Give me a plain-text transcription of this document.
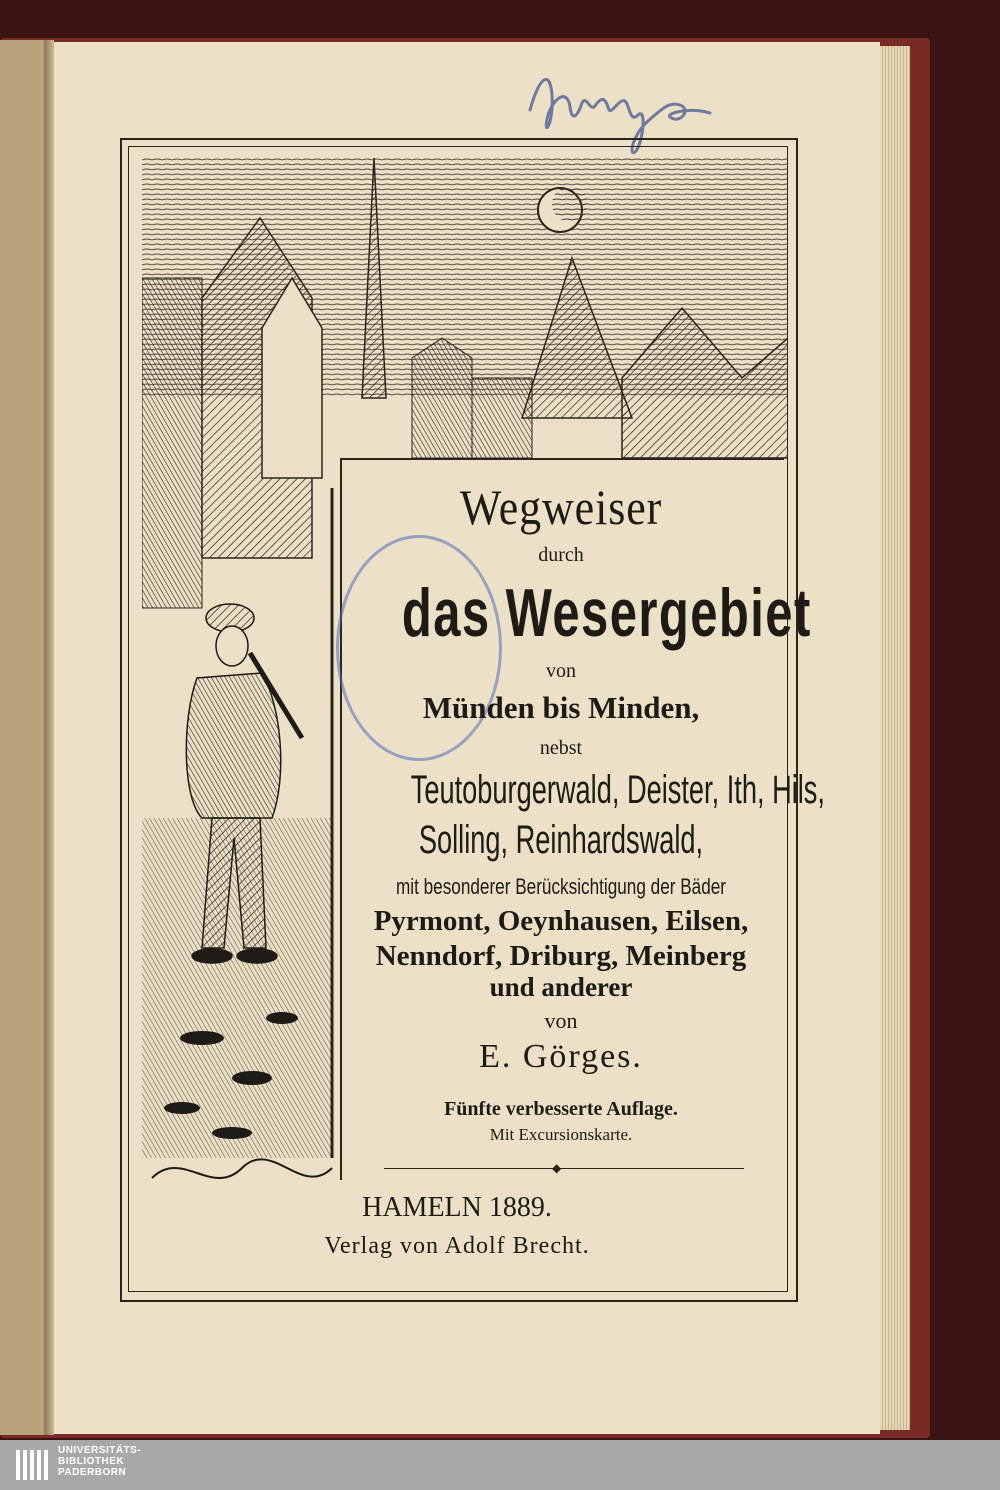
Wegweiser
durch
das Wesergebiet
von
Münden bis Minden,
nebst
Teutoburgerwald, Deister, Ith, Hils,
Solling, Reinhardswald,
mit besonderer Berücksichtigung der Bäder
Pyrmont, Oeynhausen, Eilsen,
Nenndorf, Driburg, Meinberg
und anderer
von
E. Görges.
Fünfte verbesserte Auflage.
Mit Excursionskarte.
◆
HAMELN 1889.
Verlag von Adolf Brecht.
UNIVERSITÄTS-
BIBLIOTHEK
PADERBORN
